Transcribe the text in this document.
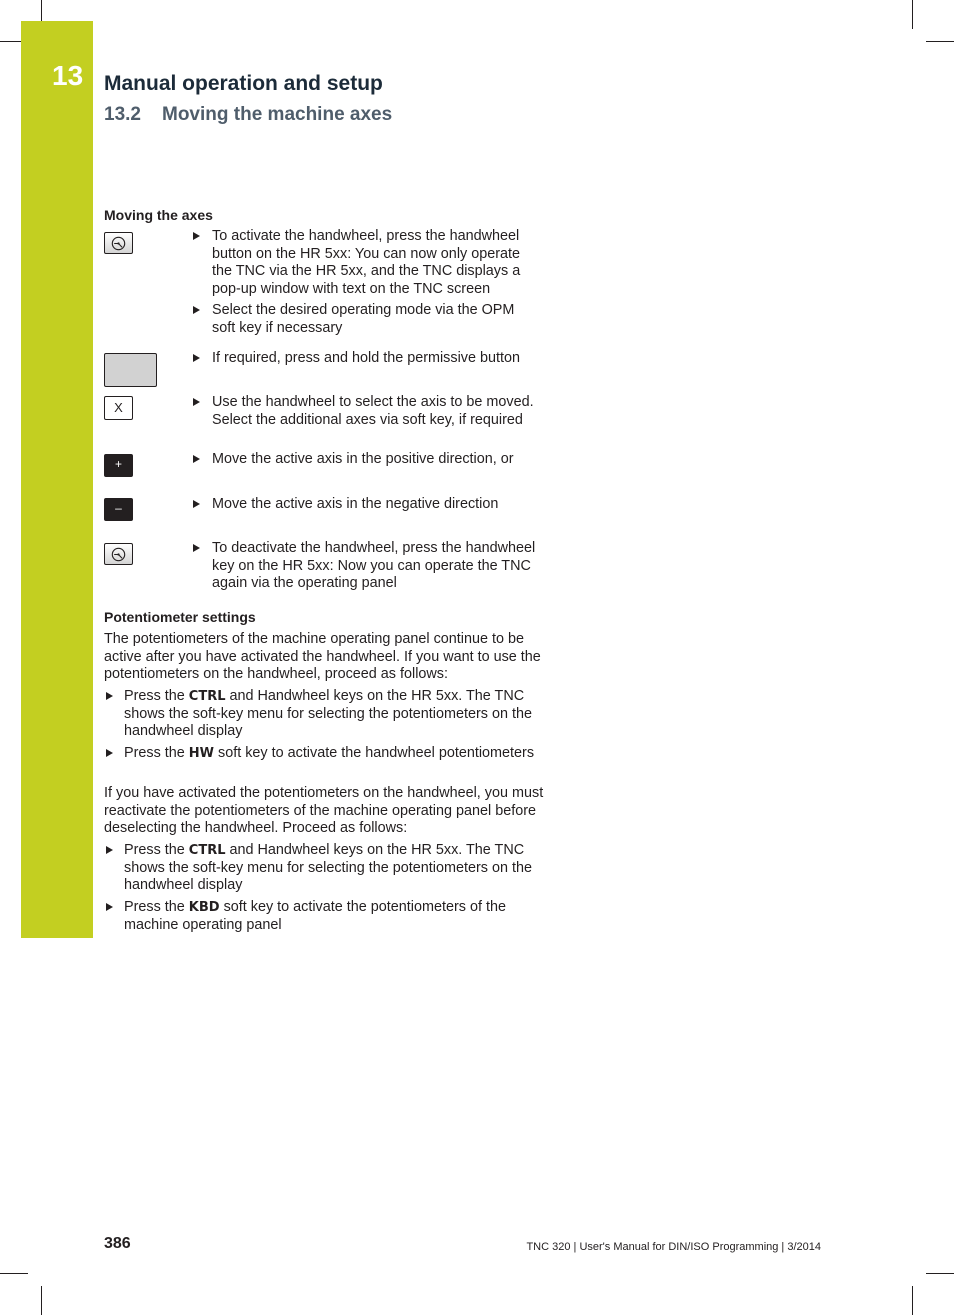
13 Manual operation and setup
13.2 Moving the machine axes
Moving the axes
To activate the handwheel, press the handwheel button on the HR 5xx: You can now only operate the TNC via the HR 5xx, and the TNC displays a pop-up window with text on the TNC screen
Select the desired operating mode via the OPM soft key if necessary
If required, press and hold the permissive button
X	Use the handwheel to select the axis to be moved. Select the additional axes via soft key, if required
+	Move the active axis in the positive direction, or
–	Move the active axis in the negative direction
To deactivate the handwheel, press the handwheel key on the HR 5xx: Now you can operate the TNC again via the operating panel
Potentiometer settings
The potentiometers of the machine operating panel continue to be active after you have activated the handwheel. If you want to use the potentiometers on the handwheel, proceed as follows:
Press the CTRL and Handwheel keys on the HR 5xx. The TNC shows the soft-key menu for selecting the potentiometers on the handwheel display
Press the HW soft key to activate the handwheel potentiometers
If you have activated the potentiometers on the handwheel, you must reactivate the potentiometers of the machine operating panel before deselecting the handwheel. Proceed as follows:
Press the CTRL and Handwheel keys on the HR 5xx. The TNC shows the soft-key menu for selecting the potentiometers on the handwheel display
Press the KBD soft key to activate the potentiometers of the machine operating panel
386	TNC 320 | User's Manual for DIN/ISO Programming | 3/2014
